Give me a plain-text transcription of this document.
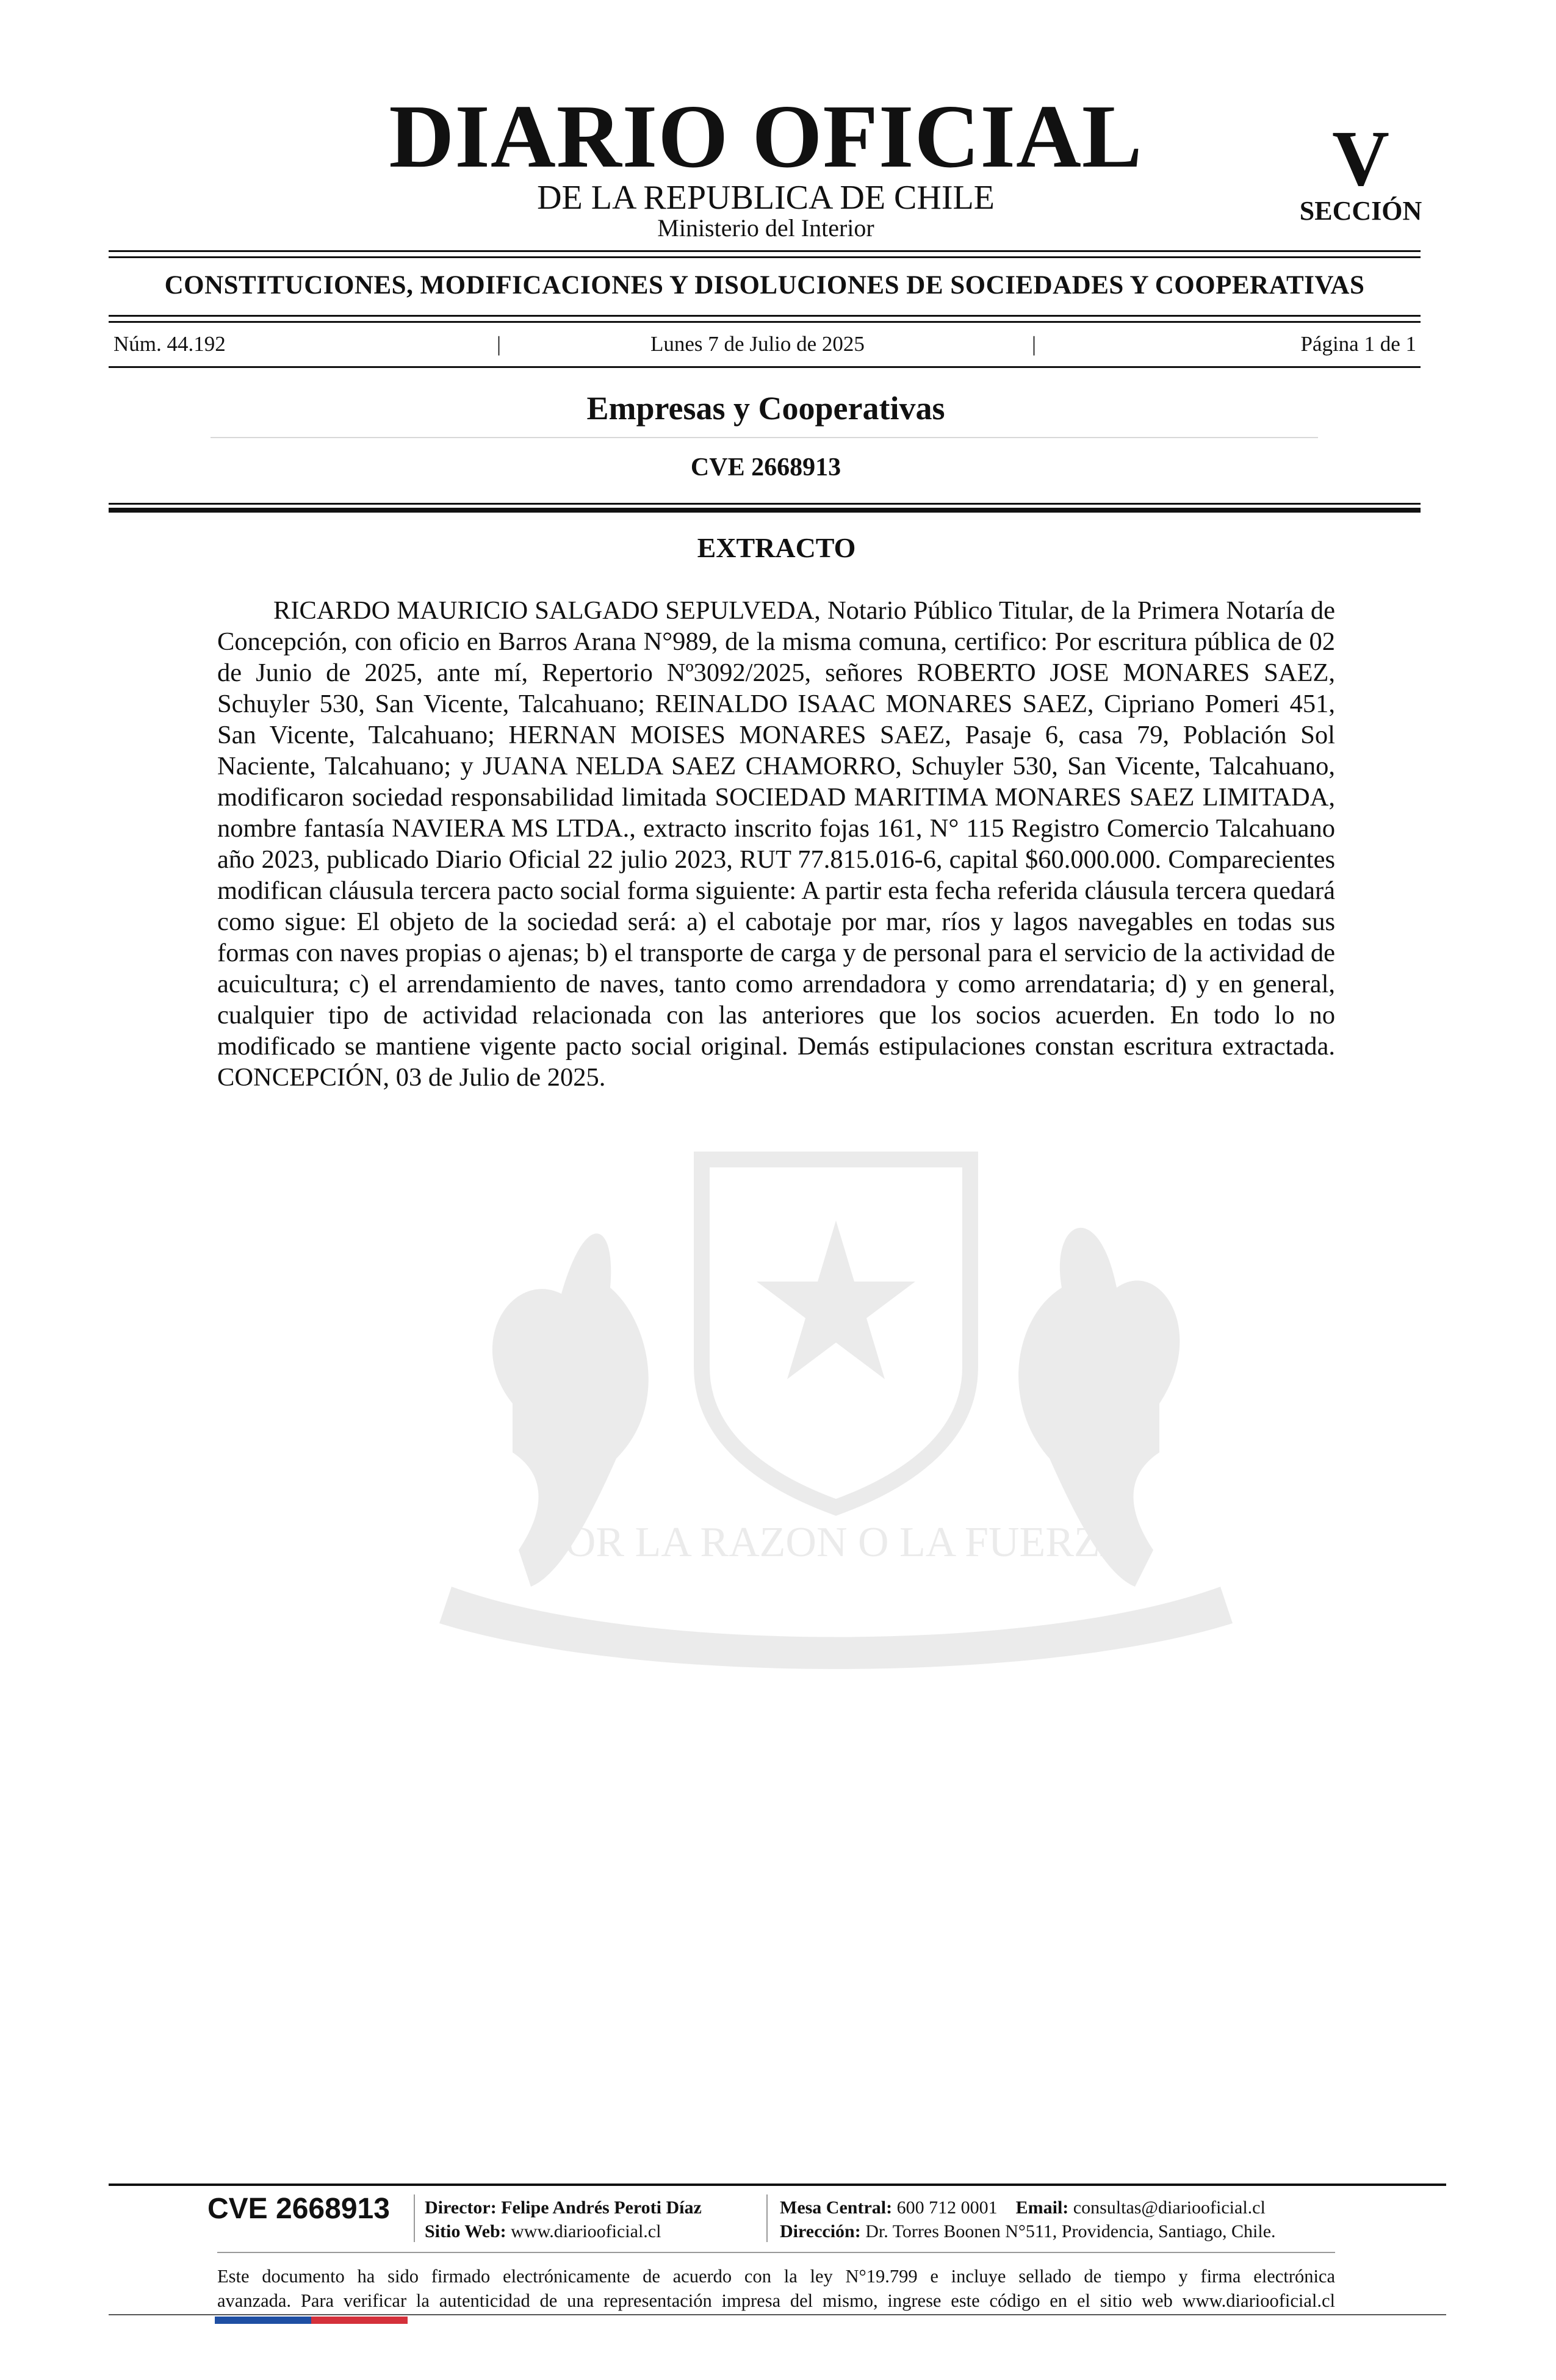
DIARIO OFICIAL
DE LA REPUBLICA DE CHILE
Ministerio del Interior
V
SECCIÓN
CONSTITUCIONES, MODIFICACIONES Y DISOLUCIONES DE SOCIEDADES Y COOPERATIVAS
Núm. 44.192	|	Lunes 7 de Julio de 2025	|	Página 1 de 1
Empresas y Cooperativas
CVE 2668913
POR LA RAZON O LA FUERZA
EXTRACTO
RICARDO MAURICIO SALGADO SEPULVEDA, Notario Público Titular, de la Primera Notaría de Concepción, con oficio en Barros Arana N°989, de la misma comuna, certifico: Por escritura pública de 02 de Junio de 2025, ante mí, Repertorio Nº3092/2025, señores ROBERTO JOSE MONARES SAEZ, Schuyler 530, San Vicente, Talcahuano; REINALDO ISAAC MONARES SAEZ, Cipriano Pomeri 451, San Vicente, Talcahuano; HERNAN MOISES MONARES SAEZ, Pasaje 6, casa 79, Población Sol Naciente, Talcahuano; y JUANA NELDA SAEZ CHAMORRO, Schuyler 530, San Vicente, Talcahuano, modificaron sociedad responsabilidad limitada SOCIEDAD MARITIMA MONARES SAEZ LIMITADA, nombre fantasía NAVIERA MS LTDA., extracto inscrito fojas 161, N° 115 Registro Comercio Talcahuano año 2023, publicado Diario Oficial 22 julio 2023, RUT 77.815.016-6, capital $60.000.000. Comparecientes modifican cláusula tercera pacto social forma siguiente: A partir esta fecha referida cláusula tercera quedará como sigue: El objeto de la sociedad será: a) el cabotaje por mar, ríos y lagos navegables en todas sus formas con naves propias o ajenas; b) el transporte de carga y de personal para el servicio de la actividad de acuicultura; c) el arrendamiento de naves, tanto como arrendadora y como arrendataria; d) y en general, cualquier tipo de actividad relacionada con las anteriores que los socios acuerden. En todo lo no modificado se mantiene vigente pacto social original. Demás estipulaciones constan escritura extractada. CONCEPCIÓN, 03 de Julio de 2025.
CVE 2668913 Director: Felipe Andrés Peroti Díaz
Sitio Web: www.diariooficial.cl
Mesa Central: 600 712 0001 Email: consultas@diariooficial.cl
Dirección: Dr. Torres Boonen N°511, Providencia, Santiago, Chile.
Este documento ha sido firmado electrónicamente de acuerdo con la ley N°19.799 e incluye sellado de tiempo y firma electrónica
avanzada. Para verificar la autenticidad de una representación impresa del mismo, ingrese este código en el sitio web www.diariooficial.cl
